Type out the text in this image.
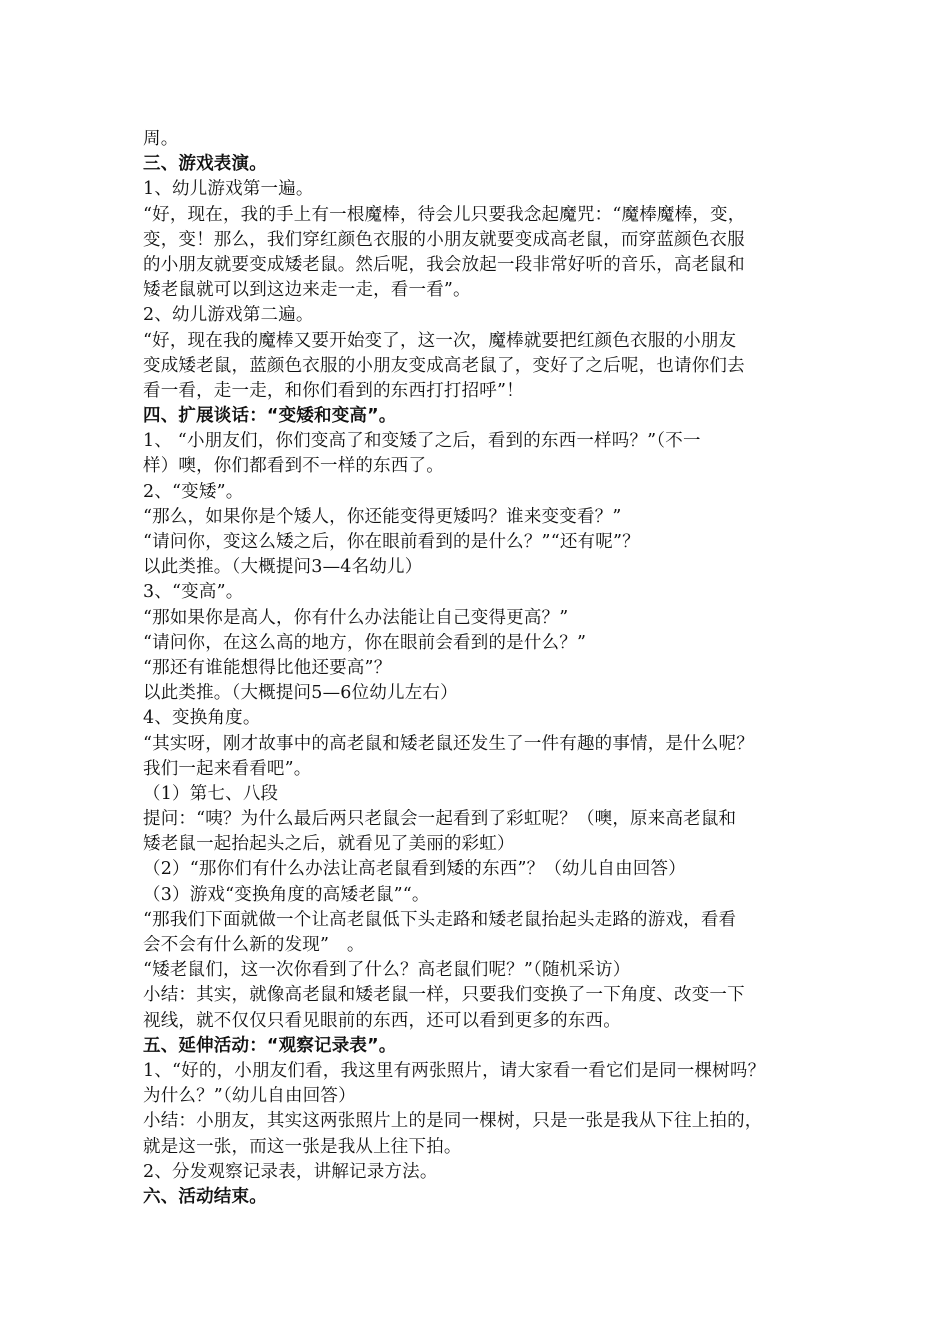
周。
三、游戏表演。
1、幼儿游戏第一遍。
“好，现在，我的手上有一根魔棒，待会儿只要我念起魔咒：“魔棒魔棒，变，
变，变！那么，我们穿红颜色衣服的小朋友就要变成高老鼠，而穿蓝颜色衣服
的小朋友就要变成矮老鼠。然后呢，我会放起一段非常好听的音乐，高老鼠和
矮老鼠就可以到这边来走一走，看一看”。
2、幼儿游戏第二遍。
“好，现在我的魔棒又要开始变了，这一次，魔棒就要把红颜色衣服的小朋友
变成矮老鼠，蓝颜色衣服的小朋友变成高老鼠了，变好了之后呢，也请你们去
看一看，走一走，和你们看到的东西打打招呼”！
四、扩展谈话：“变矮和变高”。
1、 “小朋友们，你们变高了和变矮了之后，看到的东西一样吗？”（不一
样）噢，你们都看到不一样的东西了。
2、“变矮”。
“那么，如果你是个矮人，你还能变得更矮吗？谁来变变看？”
“请问你，变这么矮之后，你在眼前看到的是什么？”“还有呢”？
以此类推。（大概提问3—4名幼儿）
3、“变高”。
“那如果你是高人，你有什么办法能让自己变得更高？”
“请问你，在这么高的地方，你在眼前会看到的是什么？”
“那还有谁能想得比他还要高”？
以此类推。（大概提问5—6位幼儿左右）
4、变换角度。
“其实呀，刚才故事中的高老鼠和矮老鼠还发生了一件有趣的事情，是什么呢？
我们一起来看看吧”。
（1）第七、八段
提问：“咦？为什么最后两只老鼠会一起看到了彩虹呢？（噢，原来高老鼠和
矮老鼠一起抬起头之后，就看见了美丽的彩虹）
（2）“那你们有什么办法让高老鼠看到矮的东西”？（幼儿自由回答）
（3）游戏“变换角度的高矮老鼠”“。
“那我们下面就做一个让高老鼠低下头走路和矮老鼠抬起头走路的游戏，看看
会不会有什么新的发现”　。
“矮老鼠们，这一次你看到了什么？高老鼠们呢？”（随机采访）
小结：其实，就像高老鼠和矮老鼠一样，只要我们变换了一下角度、改变一下
视线，就不仅仅只看见眼前的东西，还可以看到更多的东西。
五、延伸活动：“观察记录表”。
1、“好的，小朋友们看，我这里有两张照片，请大家看一看它们是同一棵树吗？
为什么？”（幼儿自由回答）
小结：小朋友，其实这两张照片上的是同一棵树，只是一张是我从下往上拍的，
就是这一张，而这一张是我从上往下拍。
2、分发观察记录表，讲解记录方法。
六、活动结束。
